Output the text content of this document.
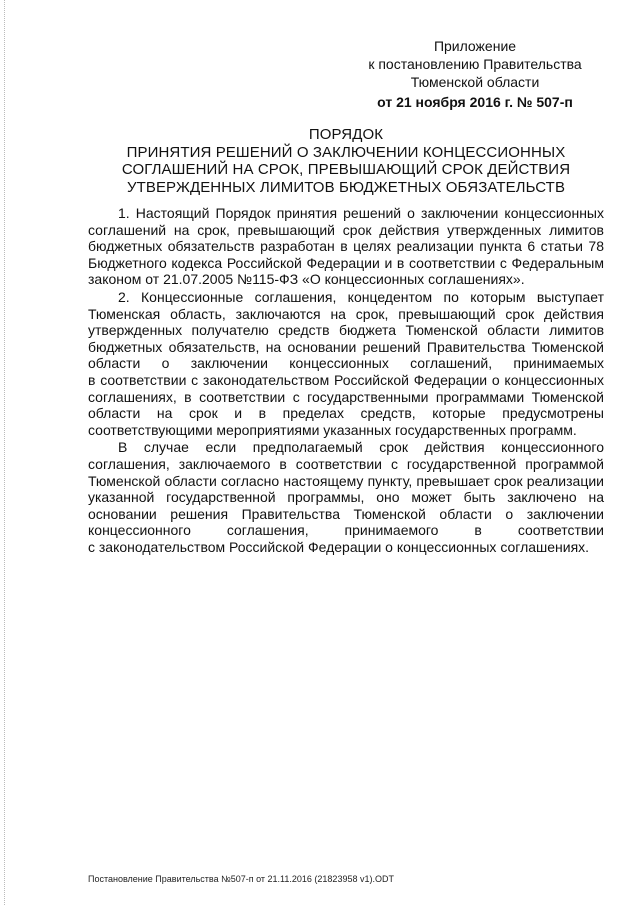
Приложение
к постановлению Правительства
Тюменской области
от 21 ноября 2016 г. № 507-п
ПОРЯДОК
ПРИНЯТИЯ РЕШЕНИЙ О ЗАКЛЮЧЕНИИ КОНЦЕССИОННЫХ
СОГЛАШЕНИЙ НА СРОК, ПРЕВЫШАЮЩИЙ СРОК ДЕЙСТВИЯ
УТВЕРЖДЕННЫХ ЛИМИТОВ БЮДЖЕТНЫХ ОБЯЗАТЕЛЬСТВ
1. Настоящий Порядок принятия решений о заключении концессионных
соглашений на срок, превышающий срок действия утвержденных лимитов
бюджетных обязательств разработан в целях реализации пункта 6 статьи 78
Бюджетного кодекса Российской Федерации и в соответствии с Федеральным
законом от 21.07.2005 №115-ФЗ «О концессионных соглашениях».
2. Концессионные соглашения, концедентом по которым выступает
Тюменская область, заключаются на срок, превышающий срок действия
утвержденных получателю средств бюджета Тюменской области лимитов
бюджетных обязательств, на основании решений Правительства Тюменской
области о заключении концессионных соглашений, принимаемых
в соответствии с законодательством Российской Федерации о концессионных
соглашениях, в соответствии с государственными программами Тюменской
области на срок и в пределах средств, которые предусмотрены
соответствующими мероприятиями указанных государственных программ.
В случае если предполагаемый срок действия концессионного
соглашения, заключаемого в соответствии с государственной программой
Тюменской области согласно настоящему пункту, превышает срок реализации
указанной государственной программы, оно может быть заключено на
основании решения Правительства Тюменской области о заключении
концессионного соглашения, принимаемого в соответствии
с законодательством Российской Федерации о концессионных соглашениях.
Постановление Правительства №507-п от 21.11.2016 (21823958 v1).ODT
